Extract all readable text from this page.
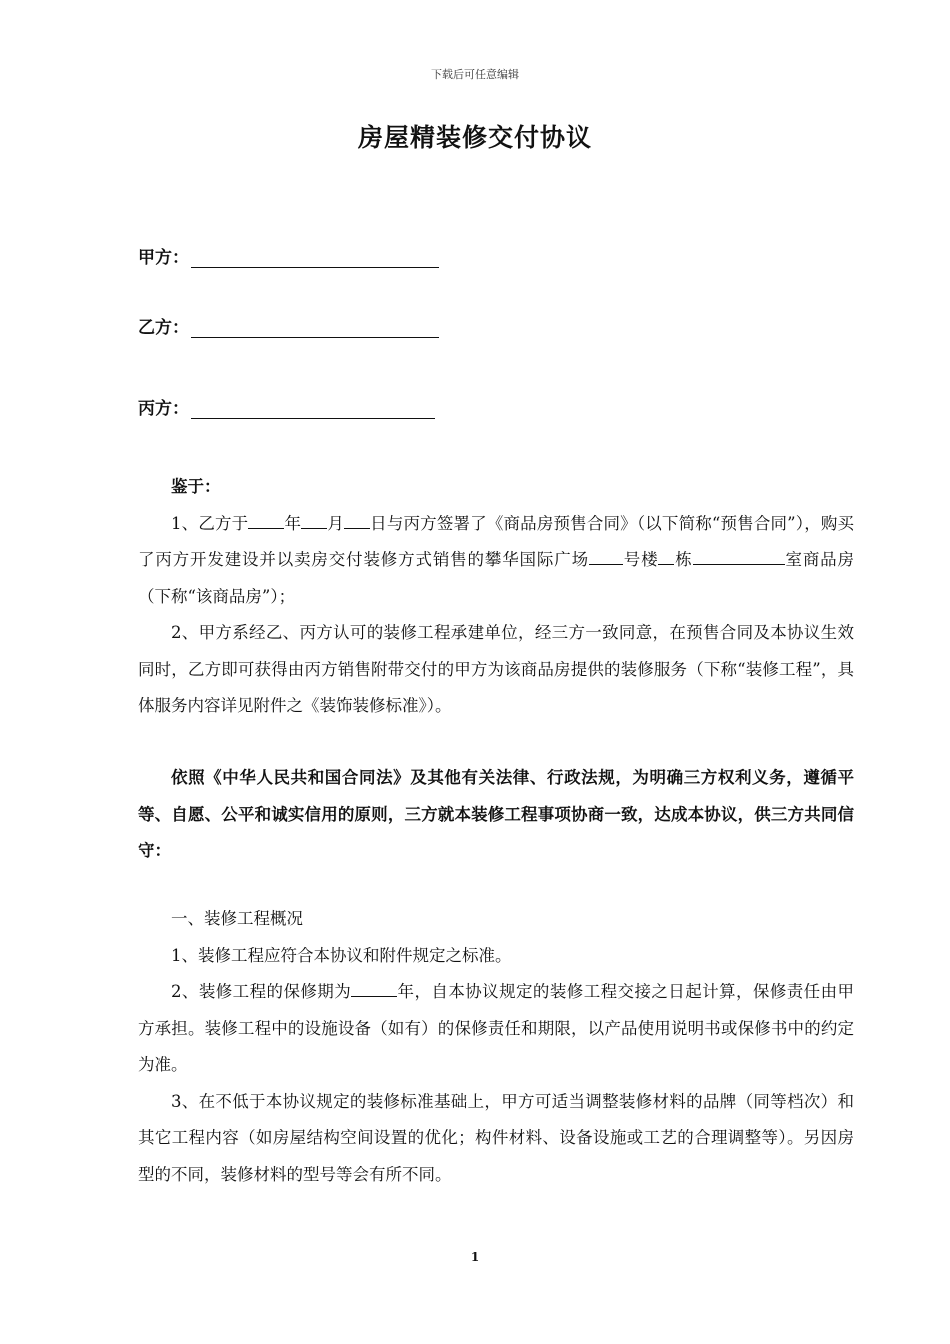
下载后可任意编辑
房屋精装修交付协议
甲方：
乙方：
丙方：

鉴于：

1、乙方于 年 月 日与丙方签署了《商品房预售合同》（以下简称“预售合同”），购买了丙方开发建设并以卖房交付装修方式销售的攀华国际广场 号楼 栋	室商品房（下称“该商品房”）；

2、甲方系经乙、丙方认可的装修工程承建单位，经三方一致同意，在预售合同及本协议生效同时，乙方即可获得由丙方销售附带交付的甲方为该商品房提供的装修服务（下称“装修工程”，具体服务内容详见附件之《装饰装修标准》）。

依照《中华人民共和国合同法》及其他有关法律、行政法规，为明确三方权利义务，遵循平等、自愿、公平和诚实信用的原则，三方就本装修工程事项协商一致，达成本协议，供三方共同信守：

一、装修工程概况

1、装修工程应符合本协议和附件规定之标准。

2、装修工程的保修期为	年，自本协议规定的装修工程交接之日起计算，保修责任由甲方承担。装修工程中的设施设备（如有）的保修责任和期限，以产品使用说明书或保修书中的约定为准。

3、在不低于本协议规定的装修标准基础上，甲方可适当调整装修材料的品牌（同等档次）和其它工程内容（如房屋结构空间设置的优化；构件材料、设备设施或工艺的合理调整等）。另因房型的不同，装修材料的型号等会有所不同。

1
